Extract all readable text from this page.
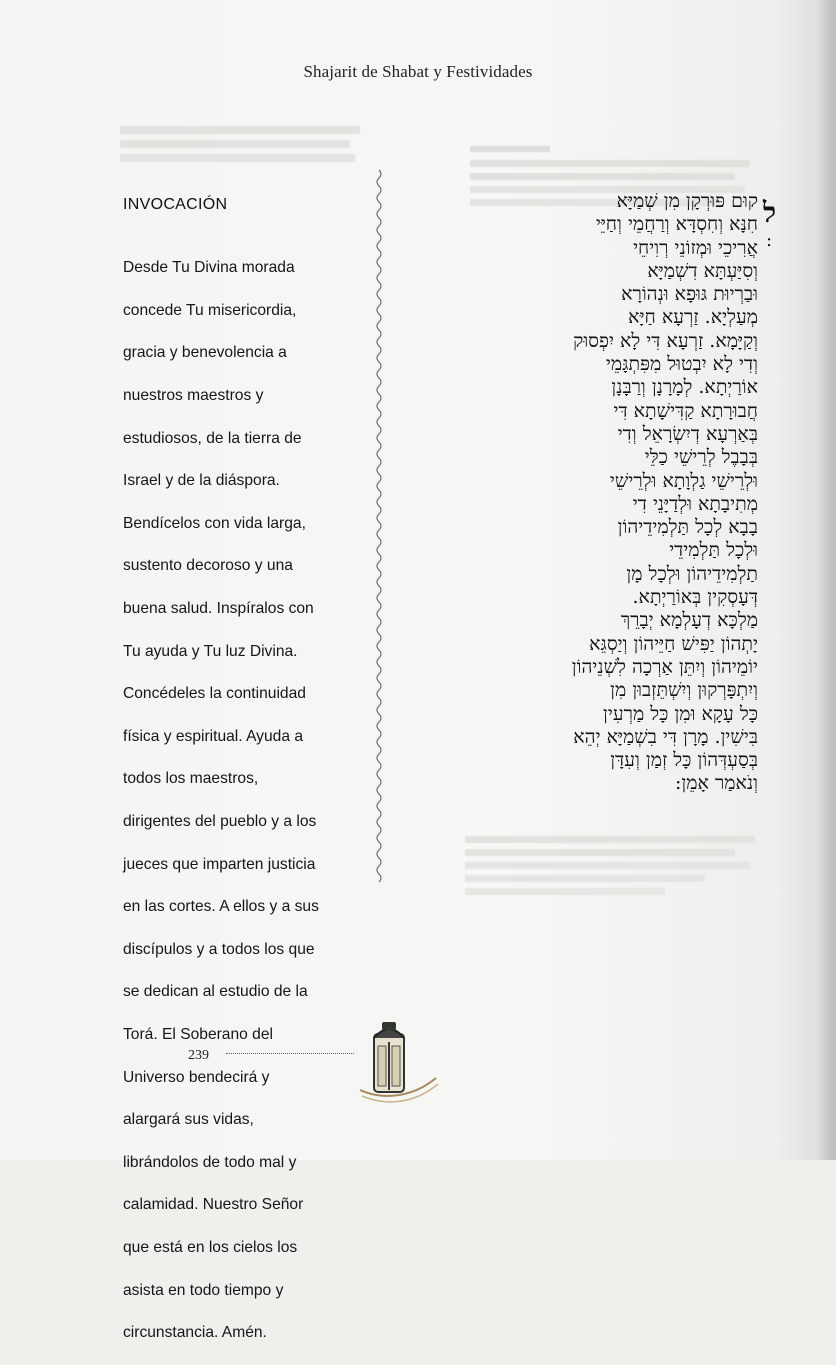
Shajarit de Shabat y Festividades
INVOCACIÓN

Desde Tu Divina morada

concede Tu misericordia,

gracia y benevolencia a

nuestros maestros y

estudiosos, de la tierra de

Israel y de la diáspora.

Bendícelos con vida larga,

sustento decoroso y una

buena salud. Inspíralos con

Tu ayuda y Tu luz Divina.

Concédeles la continuidad

física y espiritual. Ayuda a

todos los maestros,

dirigentes del pueblo y a los

jueces que imparten justicia

en las cortes. A ellos y a sus

discípulos y a todos los que

se dedican al estudio de la

Torá. El Soberano del

Universo bendecirá y

alargará sus vidas,

librándolos de todo mal y

calamidad. Nuestro Señor

que está en los cielos los

asista en todo tiempo y

circunstancia. Amén.

ל
:
קוּם פּוּרְקָן מִן שְׁמַיָּא
חִנָּא וְחִסְדָּא וְרַחֲמֵי וְחַיֵּי
אֲרִיכֵי וּמְזוֹנֵי רְוִיחֵי
וְסִיַּעְתָּא דִשְׁמַיָּא
וּבַרְיוּת גּוּפָא וּנְהוֹרָא
מְעַלְיָא. זַרְעָא חַיָּא
וְקַיָּמָא. זַרְעָא דִּי לָא יִפְסוּק
וְדִי לָא יִבְטוּל מִפִּתְגָּמֵי
אוֹרַיְתָא. לְמָרָנָן וְרַבָּנָן
חֲבוּרָתָא קַדִּישָׁתָא דִּי
בְּאַרְעָא דְיִשְׂרָאֵל וְדִי
בְּבָבֶל לְרֵישֵׁי כַלֵּי
וּלְרֵישֵׁי גַלְוָתָא וּלְרֵישֵׁי
מְתִיבָתָא וּלְדַיָּנֵי דִי
בָבָא לְכָל תַּלְמִידֵיהוֹן
וּלְכָל תַּלְמִידֵי
תַלְמִידֵיהוֹן וּלְכָל מָן
דְּעָסְקִין בְּאוֹרַיְתָא.
מַלְכָּא דְעָלְמָא יְבָרֵךְ
יָתְהוֹן יַפִּישׁ חַיֵּיהוֹן וְיַסְגֵּא
יוֹמֵיהוֹן וְיִתֵּן אַרְכָה לִשְׁנֵיהוֹן
וְיִתְפָּרְקוּן וְיִשְׁתֵּזְבוּן מִן
כָּל עָקָא וּמִן כָּל מַרְעִין
בִּישִׁין. מָרָן דִּי בִשְׁמַיָּא יְהֵא
בְּסַעְדְּהוֹן כָּל זְמַן וְעִדָּן
וְנֹאמַר אָמֵן:
239
